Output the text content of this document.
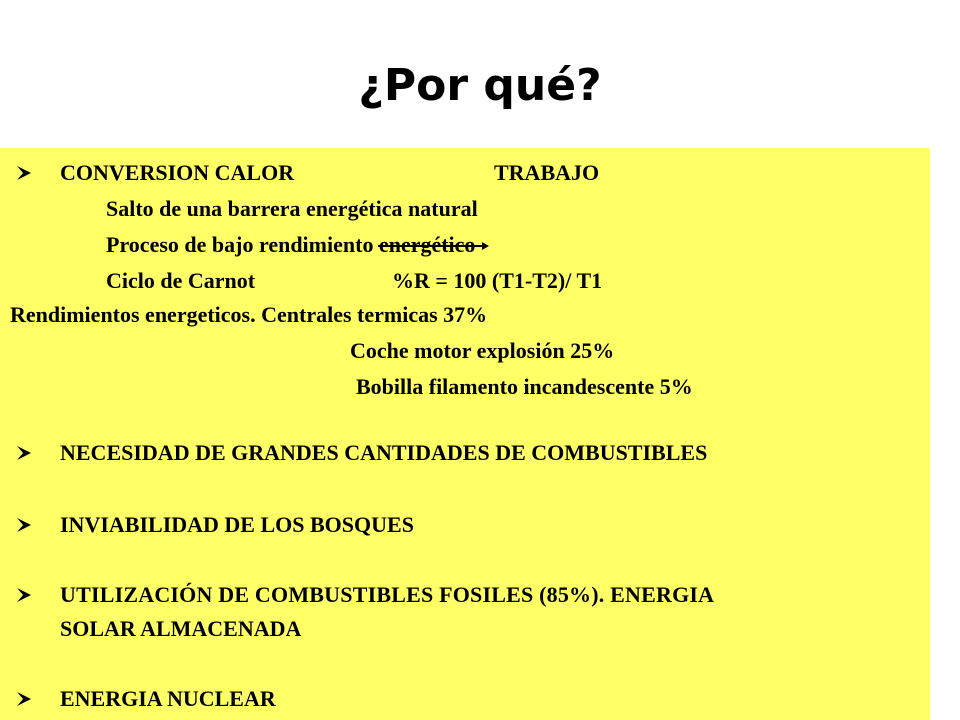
¿Por qué?
CONVERSION CALOR	TRABAJO
Salto de una barrera energética natural
Proceso de bajo rendimiento energético
Ciclo de Carnot	%R = 100 (T1-T2)/ T1
Rendimientos energeticos. Centrales termicas 37%
Coche motor explosión 25%
Bobilla filamento incandescente 5%
NECESIDAD DE GRANDES CANTIDADES DE COMBUSTIBLES
INVIABILIDAD DE LOS BOSQUES
UTILIZACIÓN DE COMBUSTIBLES FOSILES (85%). ENERGIA
SOLAR ALMACENADA
ENERGIA NUCLEAR
